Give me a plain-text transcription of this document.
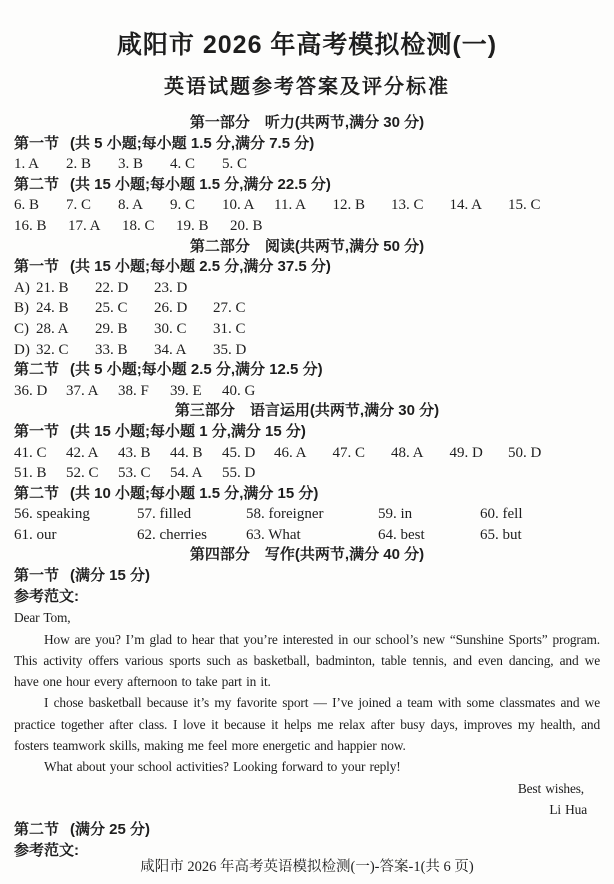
咸阳市 2026 年高考模拟检测(一)
英语试题参考答案及评分标准
第一部分　听力(共两节,满分 30 分)
第一节 (共 5 小题;每小题 1.5 分,满分 7.5 分)
1. A 2. B 3. B 4. C 5. C
第二节 (共 15 小题;每小题 1.5 分,满分 22.5 分)
6. B 7. C 8. A 9. C 10. A 11. A 12. B 13. C 14. A 15. C
16. B 17. A 18. C 19. B 20. B
第二部分　阅读(共两节,满分 50 分)
第一节 (共 15 小题;每小题 2.5 分,满分 37.5 分)
A) 21. B 22. D 23. D
B) 24. B 25. C 26. D 27. C
C) 28. A 29. B 30. C 31. C
D) 32. C 33. B 34. A 35. D
第二节 (共 5 小题;每小题 2.5 分,满分 12.5 分)
36. D 37. A 38. F 39. E 40. G
第三部分　语言运用(共两节,满分 30 分)
第一节 (共 15 小题;每小题 1 分,满分 15 分)
41. C 42. A 43. B 44. B 45. D 46. A 47. C 48. A 49. D 50. D
51. B 52. C 53. C 54. A 55. D
第二节 (共 10 小题;每小题 1.5 分,满分 15 分)
56. speaking	57. filled	58. foreigner	59. in	60. fell
61. our	62. cherries	63. What	64. best	65. but
第四部分　写作(共两节,满分 40 分)
第一节 (满分 15 分)
参考范文:
Dear Tom,
How are you? I’m glad to hear that you’re interested in our school’s new “Sunshine Sports” program.
This activity offers various sports such as basketball, badminton, table tennis, and even dancing, and we
have one hour every afternoon to take part in it.
I chose basketball because it’s my favorite sport — I’ve joined a team with some classmates and we
practice together after class. I love it because it helps me relax after busy days, improves my health, and
fosters teamwork skills, making me feel more energetic and happier now.
What about your school activities? Looking forward to your reply!
Best wishes,
Li Hua
第二节 (满分 25 分)
参考范文:
咸阳市 2026 年高考英语模拟检测(一)-答案-1(共 6 页)
